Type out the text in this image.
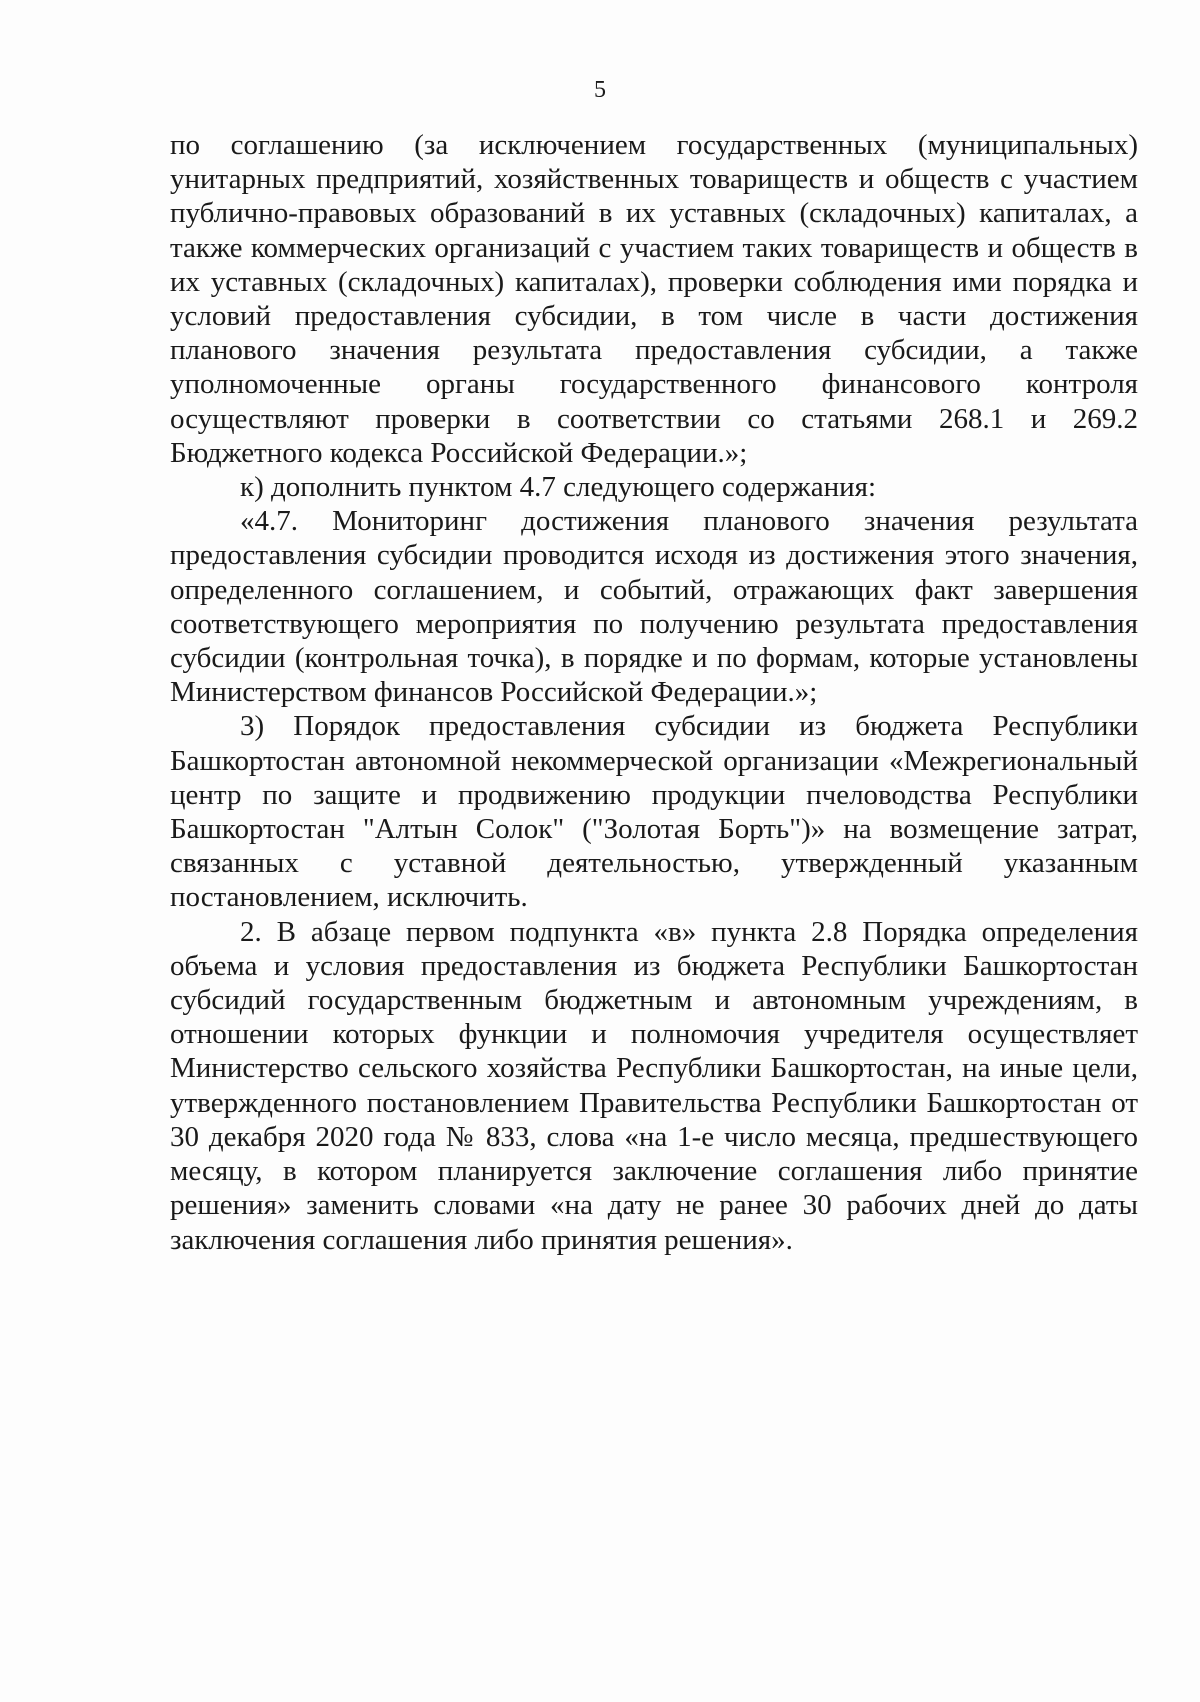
5

по соглашению (за исключением государственных (муниципальных) унитарных предприятий, хозяйственных товариществ и обществ с участием публично-правовых образований в их уставных (складочных) капиталах, а также коммерческих организаций с участием таких товариществ и обществ в их уставных (складочных) капиталах), проверки соблюдения ими порядка и условий предоставления субсидии, в том числе в части достижения планового значения результата предоставления субсидии, а также уполномоченные органы государственного финансового контроля осуществляют проверки в соответствии со статьями 268.1 и 269.2 Бюджетного кодекса Российской Федерации.»;

к) дополнить пунктом 4.7 следующего содержания:

«4.7. Мониторинг достижения планового значения результата предоставления субсидии проводится исходя из достижения этого значения, определенного соглашением, и событий, отражающих факт завершения соответствующего мероприятия по получению результата предоставления субсидии (контрольная точка), в порядке и по формам, которые установлены Министерством финансов Российской Федерации.»;

3) Порядок предоставления субсидии из бюджета Республики Башкортостан автономной некоммерческой организации «Межрегиональный центр по защите и продвижению продукции пчеловодства Республики Башкортостан "Алтын Солок" ("Золотая Борть")» на возмещение затрат, связанных с уставной деятельностью, утвержденный указанным постановлением, исключить.

2. В абзаце первом подпункта «в» пункта 2.8 Порядка определения объема и условия предоставления из бюджета Республики Башкортостан субсидий государственным бюджетным и автономным учреждениям, в отношении которых функции и полномочия учредителя осуществляет Министерство сельского хозяйства Республики Башкортостан, на иные цели, утвержденного постановлением Правительства Республики Башкортостан от 30 декабря 2020 года № 833, слова «на 1-е число месяца, предшествующего месяцу, в котором планируется заключение соглашения либо принятие решения» заменить словами «на дату не ранее 30 рабочих дней до даты заключения соглашения либо принятия решения».
